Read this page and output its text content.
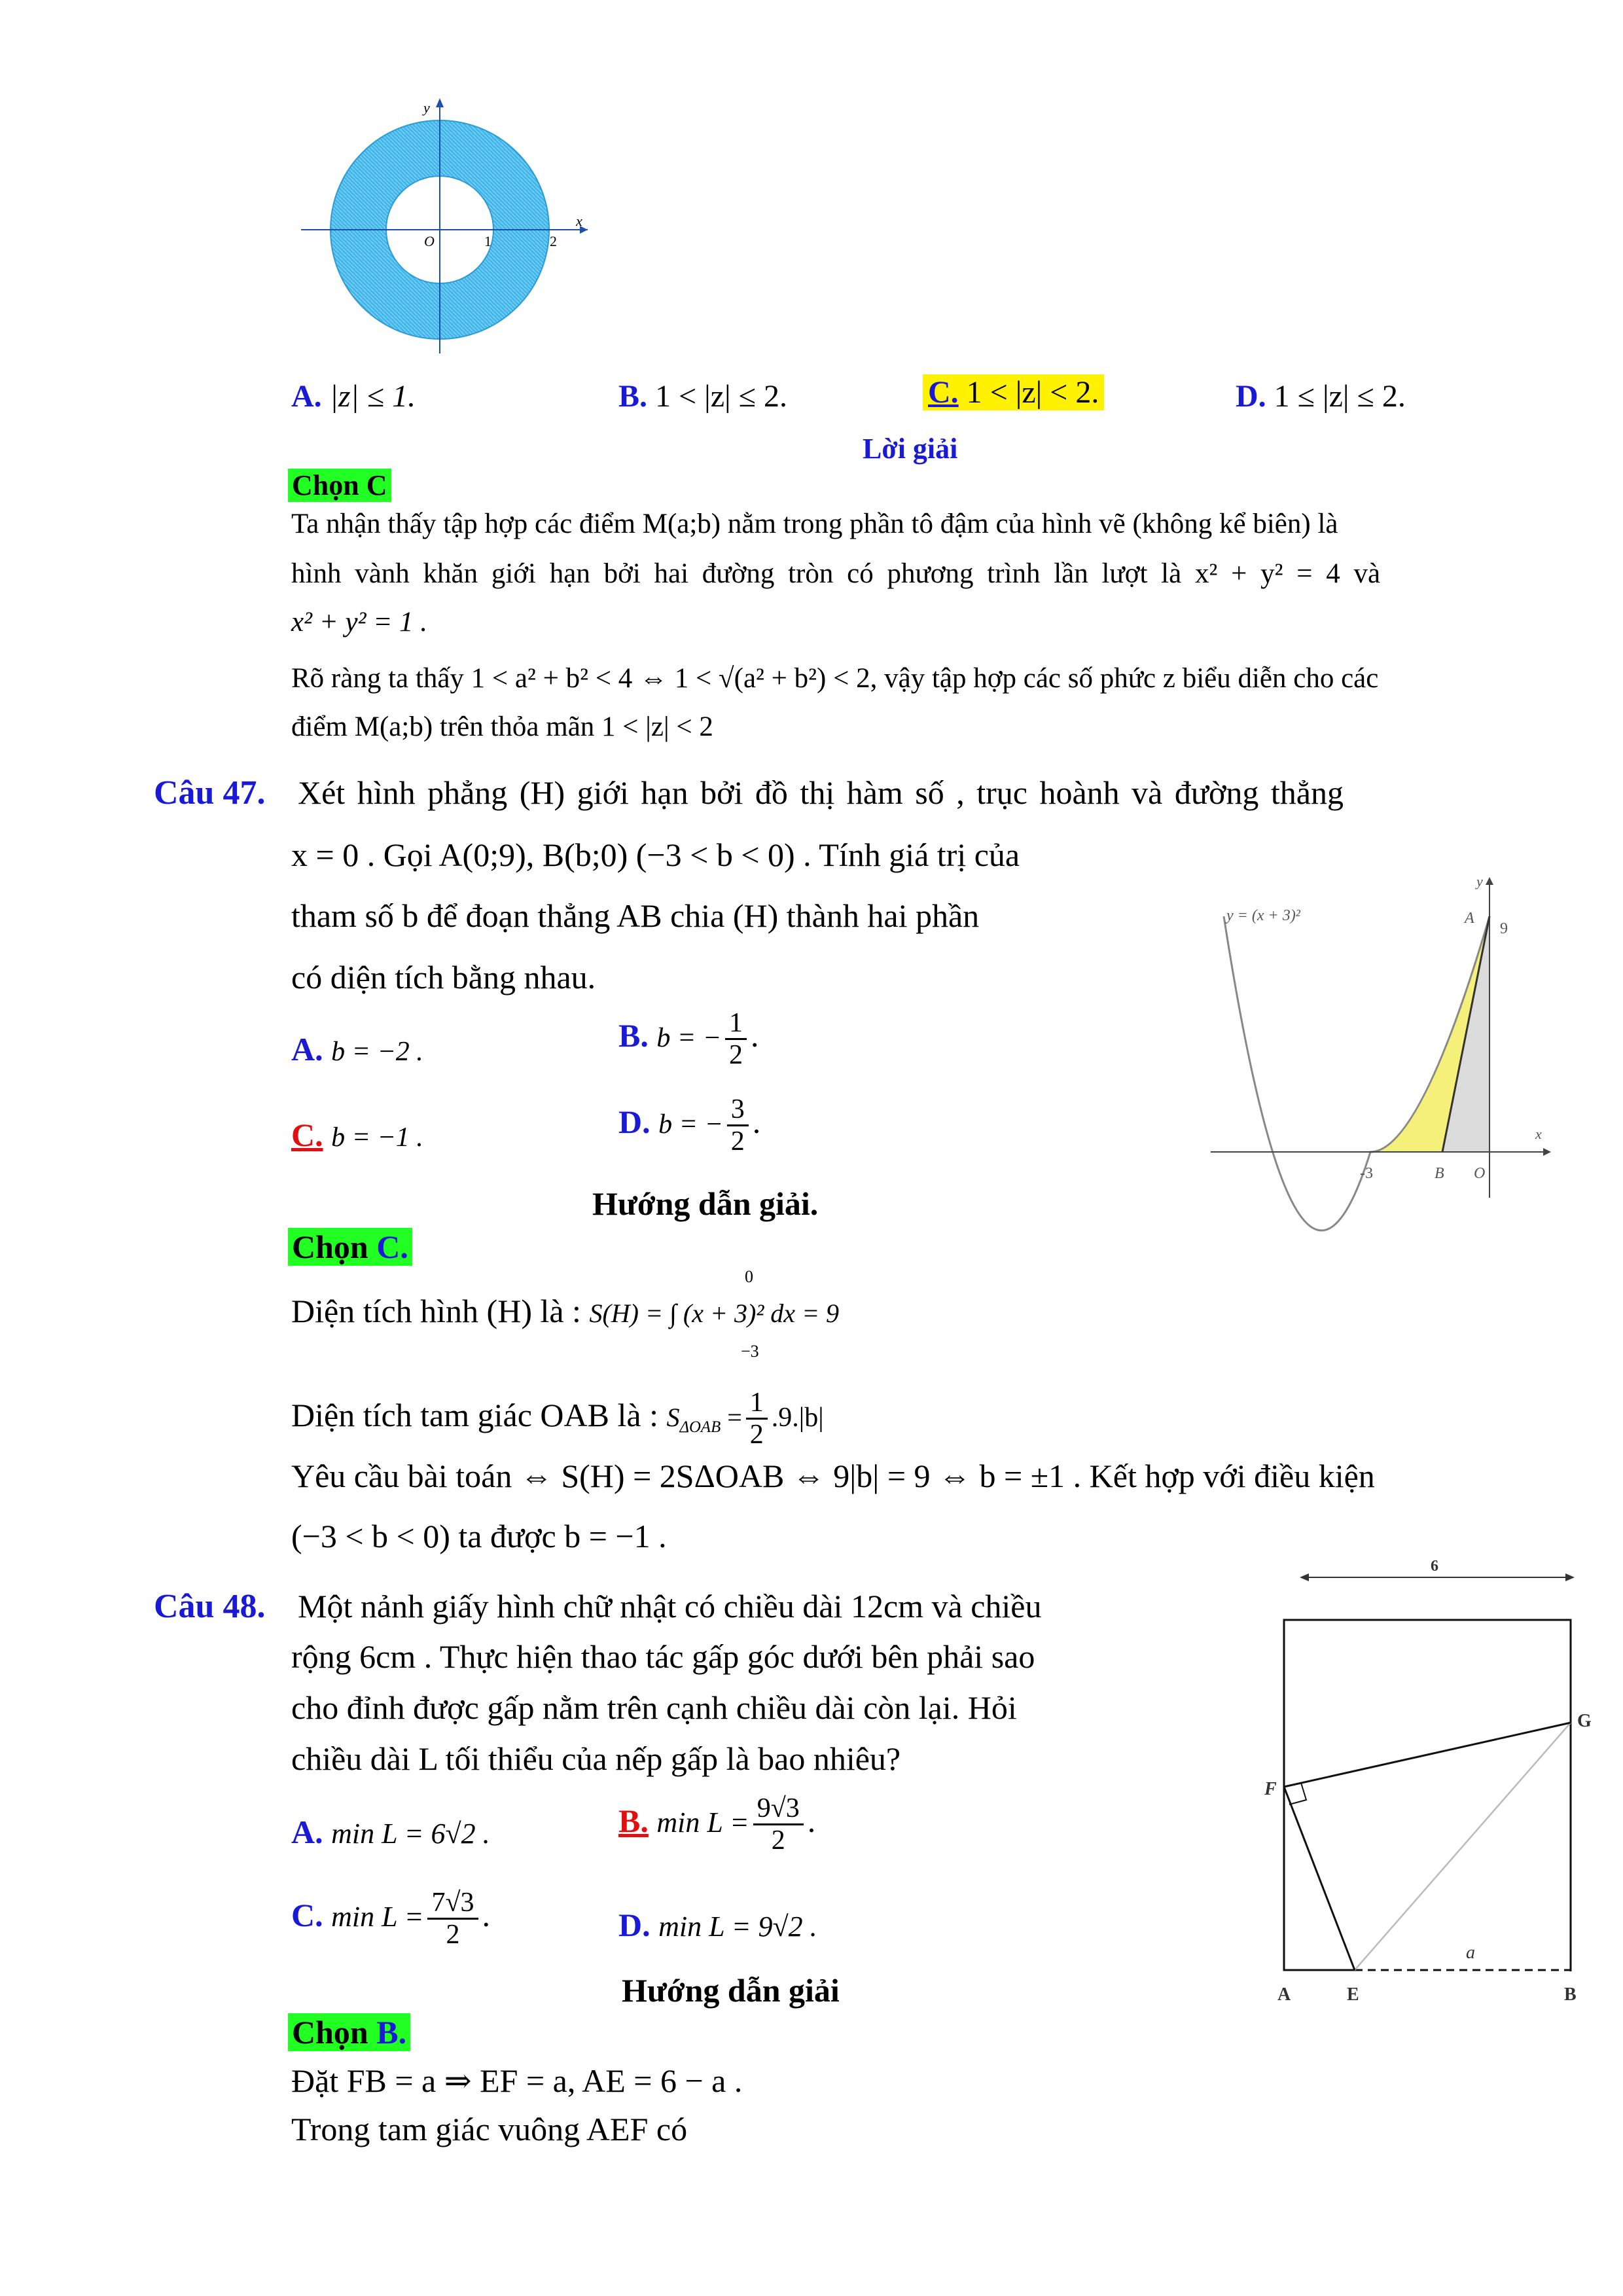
y
x
O	1	2
A. |z| ≤ 1.	B. 1 < |z| ≤ 2.	C. 1 < |z| < 2.	D. 1 ≤ |z| ≤ 2.
Lời giải
Chọn C
Ta nhận thấy tập hợp các điểm M(a;b) nằm trong phần tô đậm của hình vẽ (không kể biên) là
hình vành khăn giới hạn bởi hai đường tròn có phương trình lần lượt là x² + y² = 4 và
x² + y² = 1 .
Rõ ràng ta thấy 1 < a² + b² < 4 ⇔ 1 < √(a² + b²) < 2, vậy tập hợp các số phức z biểu diễn cho các
điểm M(a;b) trên thỏa mãn 1 < |z| < 2
Câu 47. Xét hình phẳng (H) giới hạn bởi đồ thị hàm số , trục hoành và đường thẳng
x = 0 . Gọi A(0;9), B(b;0) (−3 < b < 0) . Tính giá trị của
tham số b để đoạn thẳng AB chia (H) thành hai phần
có diện tích bằng nhau.
A. b = −2 .	B. b = − $\frac{1}{2}$ .
C. b = −1 .	D. b = − $\frac{3}{2}$ .
Hướng dẫn giải.
Chọn C.
Diện tích hình (H) là : S(H) = ∫ (x + 3)² dx = 9
0
−3
Diện tích tam giác OAB là : $S_{\Delta OAB} = \frac{1}{2} .9.|b|$
Yêu cầu bài toán ⇔ S(H) = 2SΔOAB ⇔ 9|b| = 9 ⇔ b = ±1 . Kết hợp với điều kiện
(−3 < b < 0) ta được b = −1 .
y = (x + 3)²	A
9
y
x
-3	B O
Câu 48. Một nảnh giấy hình chữ nhật có chiều dài 12cm và chiều
rộng 6cm . Thực hiện thao tác gấp góc dưới bên phải sao
cho đỉnh được gấp nằm trên cạnh chiều dài còn lại. Hỏi
chiều dài L tối thiểu của nếp gấp là bao nhiêu?
A. min L = 6√2 .	B. $\min L = \frac{9√3}{2}$ .
C. $\min L = \frac{7√3}{2}$ .	D. min L = 9√2 .
Hướng dẫn giải
Chọn B.
Đặt FB = a ⇒ EF = a, AE = 6 − a .
Trong tam giác vuông AEF có
6
G
F
A	E	B
a
